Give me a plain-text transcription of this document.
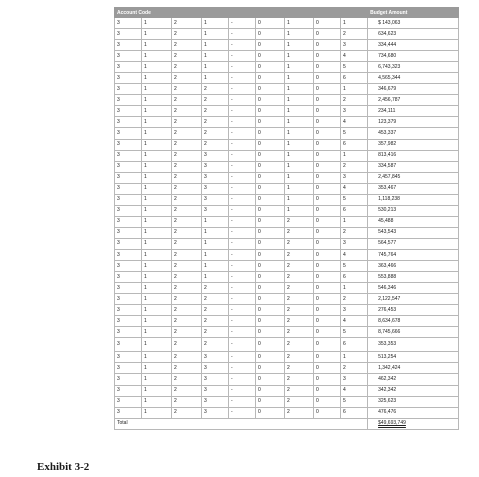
Exhibit 3-2
Account Code									Budget Amount
3	1	2	1	-	0	1	0	1	$ 143,063
3	1	2	1	-	0	1	0	2	634,623
3	1	2	1	-	0	1	0	3	334,444
3	1	2	1	-	0	1	0	4	734,680
3	1	2	1	-	0	1	0	5	6,743,323
3	1	2	1	-	0	1	0	6	4,565,344
3	1	2	2	-	0	1	0	1	346,679
3	1	2	2	-	0	1	0	2	2,456,787
3	1	2	2	-	0	1	0	3	234,111
3	1	2	2	-	0	1	0	4	123,379
3	1	2	2	-	0	1	0	5	453,337
3	1	2	2	-	0	1	0	6	357,982
3	1	2	3	-	0	1	0	1	813,416
3	1	2	3	-	0	1	0	2	334,587
3	1	2	3	-	0	1	0	3	2,457,845
3	1	2	3	-	0	1	0	4	353,467
3	1	2	3	-	0	1	0	5	1,118,238
3	1	2	3	-	0	1	0	6	530,213
3	1	2	1	-	0	2	0	1	45,488
3	1	2	1	-	0	2	0	2	543,543
3	1	2	1	-	0	2	0	3	564,577
3	1	2	1	-	0	2	0	4	745,764
3	1	2	1	-	0	2	0	5	363,466
3	1	2	1	-	0	2	0	6	553,888
3	1	2	2	-	0	2	0	1	546,346
3	1	2	2	-	0	2	0	2	2,122,547
3	1	2	2	-	0	2	0	3	276,453
3	1	2	2	-	0	2	0	4	8,634,678
3	1	2	2	-	0	2	0	5	8,745,666
3	1	2	2	-	0	2	0	6	353,353
3	1	2	3	-	0	2	0	1	513,254
3	1	2	3	-	0	2	0	2	1,342,424
3	1	2	3	-	0	2	0	3	462,342
3	1	2	3	-	0	2	0	4	342,342
3	1	2	3	-	0	2	0	5	325,623
3	1	2	3	-	0	2	0	6	476,476
Total									$49,693,749
